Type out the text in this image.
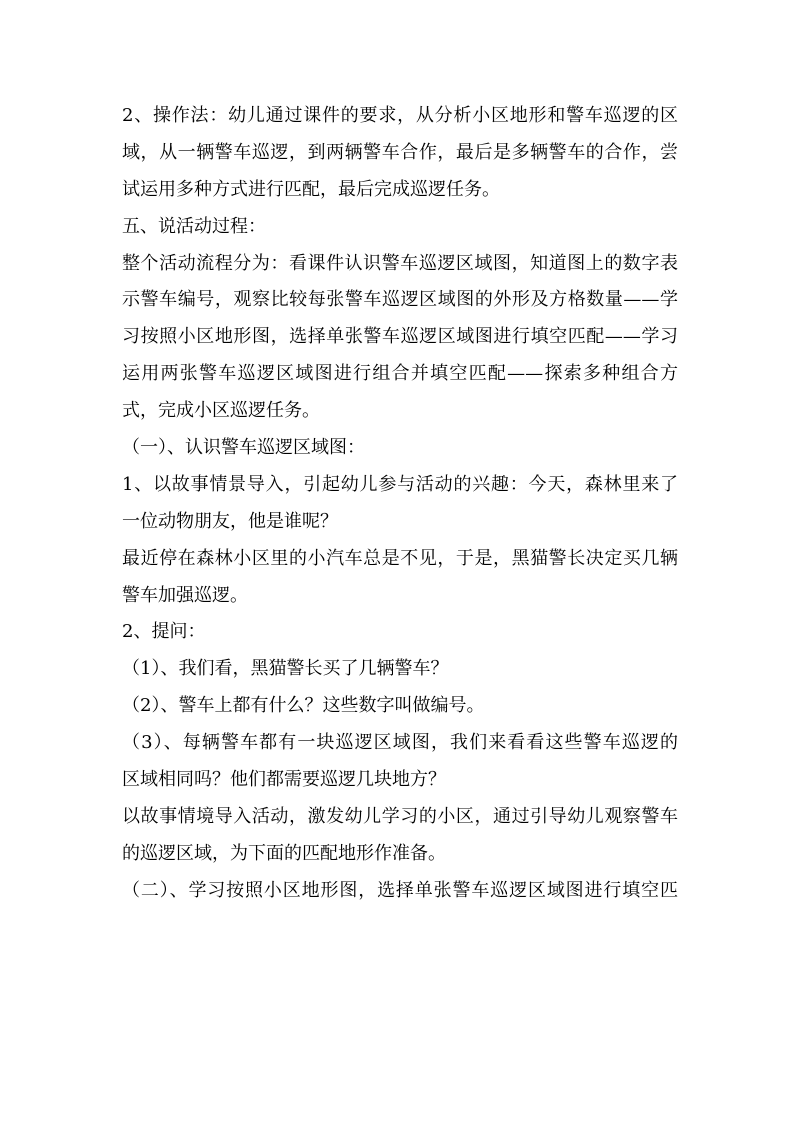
2、操作法：幼儿通过课件的要求，从分析小区地形和警车巡逻的区
域，从一辆警车巡逻，到两辆警车合作，最后是多辆警车的合作，尝
试运用多种方式进行匹配，最后完成巡逻任务。
五、说活动过程：
整个活动流程分为：看课件认识警车巡逻区域图，知道图上的数字表
示警车编号，观察比较每张警车巡逻区域图的外形及方格数量——学
习按照小区地形图，选择单张警车巡逻区域图进行填空匹配——学习
运用两张警车巡逻区域图进行组合并填空匹配——探索多种组合方
式，完成小区巡逻任务。
（一）、认识警车巡逻区域图：
1、以故事情景导入，引起幼儿参与活动的兴趣：今天，森林里来了
一位动物朋友，他是谁呢？
最近停在森林小区里的小汽车总是不见，于是，黑猫警长决定买几辆
警车加强巡逻。
2、提问：
（1）、我们看，黑猫警长买了几辆警车？
（2）、警车上都有什么？这些数字叫做编号。
（3）、每辆警车都有一块巡逻区域图，我们来看看这些警车巡逻的
区域相同吗？他们都需要巡逻几块地方？
以故事情境导入活动，激发幼儿学习的小区，通过引导幼儿观察警车
的巡逻区域，为下面的匹配地形作准备。
（二）、学习按照小区地形图，选择单张警车巡逻区域图进行填空匹
